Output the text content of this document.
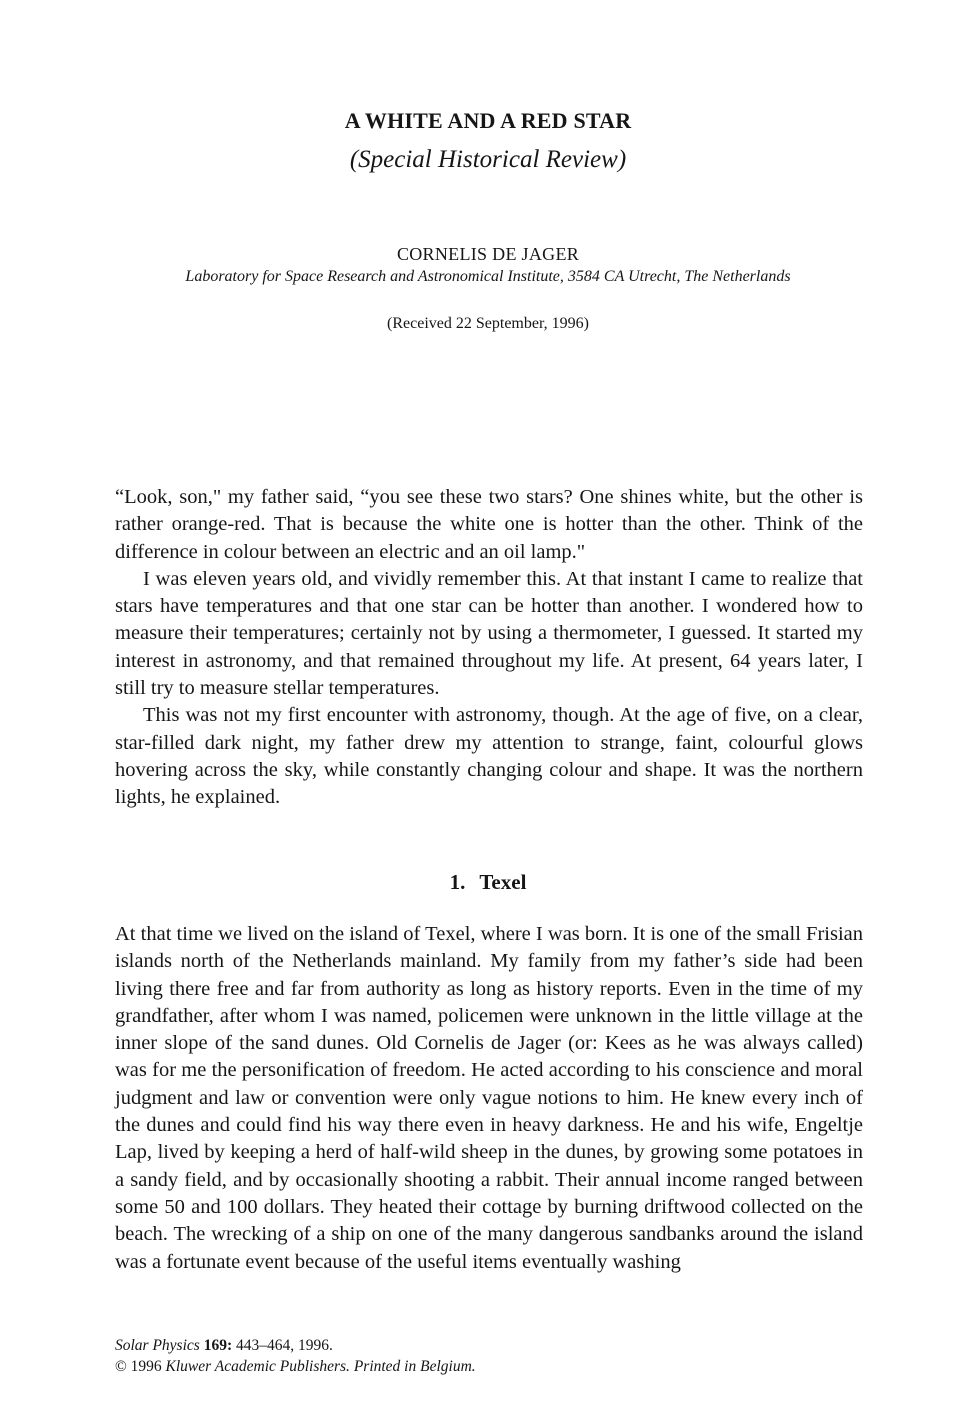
A WHITE AND A RED STAR
(Special Historical Review)
CORNELIS DE JAGER
Laboratory for Space Research and Astronomical Institute, 3584 CA Utrecht, The Netherlands
(Received 22 September, 1996)

“Look, son," my father said, “you see these two stars? One shines white, but the other is rather orange-red. That is because the white one is hotter than the other. Think of the difference in colour between an electric and an oil lamp."

I was eleven years old, and vividly remember this. At that instant I came to realize that stars have temperatures and that one star can be hotter than another. I wondered how to measure their temperatures; certainly not by using a thermometer, I guessed. It started my interest in astronomy, and that remained throughout my life. At present, 64 years later, I still try to measure stellar temperatures.

This was not my first encounter with astronomy, though. At the age of five, on a clear, star-filled dark night, my father drew my attention to strange, faint, colourful glows hovering across the sky, while constantly changing colour and shape. It was the northern lights, he explained.

1. Texel

At that time we lived on the island of Texel, where I was born. It is one of the small Frisian islands north of the Netherlands mainland. My family from my father’s side had been living there free and far from authority as long as history reports. Even in the time of my grandfather, after whom I was named, policemen were unknown in the little village at the inner slope of the sand dunes. Old Cornelis de Jager (or: Kees as he was always called) was for me the personification of freedom. He acted according to his conscience and moral judgment and law or convention were only vague notions to him. He knew every inch of the dunes and could find his way there even in heavy darkness. He and his wife, Engeltje Lap, lived by keeping a herd of half-wild sheep in the dunes, by growing some potatoes in a sandy field, and by occasionally shooting a rabbit. Their annual income ranged between some 50 and 100 dollars. They heated their cottage by burning driftwood collected on the beach. The wrecking of a ship on one of the many dangerous sandbanks around the island was a fortunate event because of the useful items eventually washing

Solar Physics 169: 443–464, 1996.
© 1996 Kluwer Academic Publishers. Printed in Belgium.
